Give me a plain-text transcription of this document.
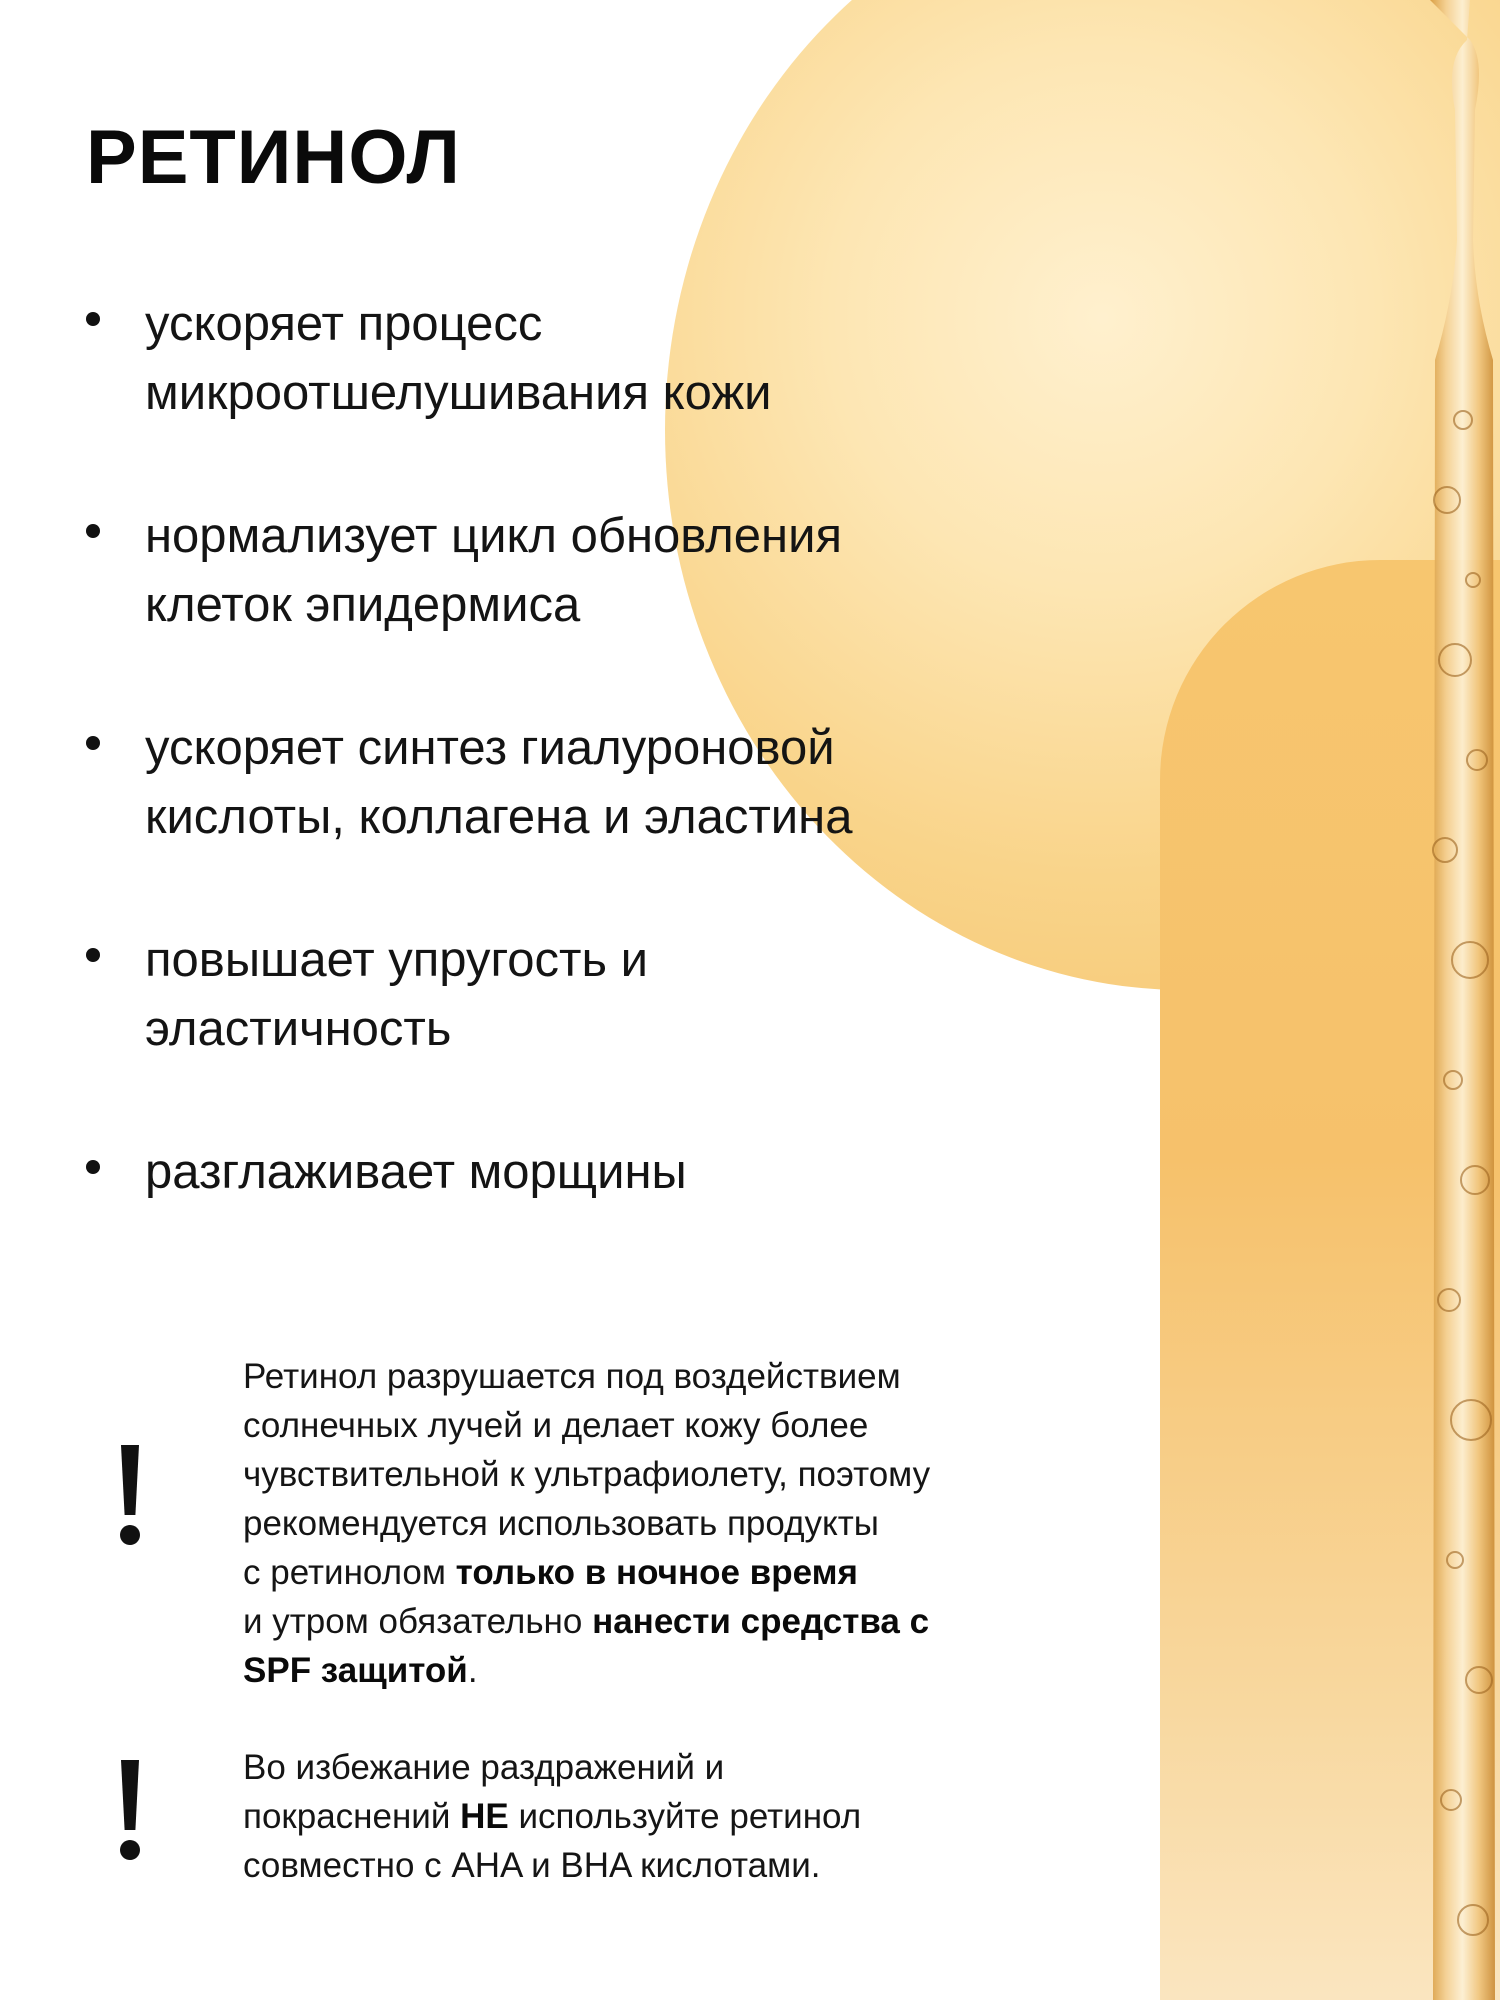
РЕТИНОЛ
ускоряет процесс
микроотшелушивания кожи
нормализует цикл обновления
клеток эпидермиса
ускоряет синтез гиалуроновой
кислоты, коллагена и эластина
повышает упругость и
эластичность
разглаживает морщины
Ретинол разрушается под воздействием
солнечных лучей и делает кожу более
чувствительной к ультрафиолету, поэтому
рекомендуется использовать продукты
с ретинолом только в ночное время
и утром обязательно нанести средства с
SPF защитой.
Во избежание раздражений и
покраснений НЕ используйте ретинол
совместно с AHA и BHA кислотами.
